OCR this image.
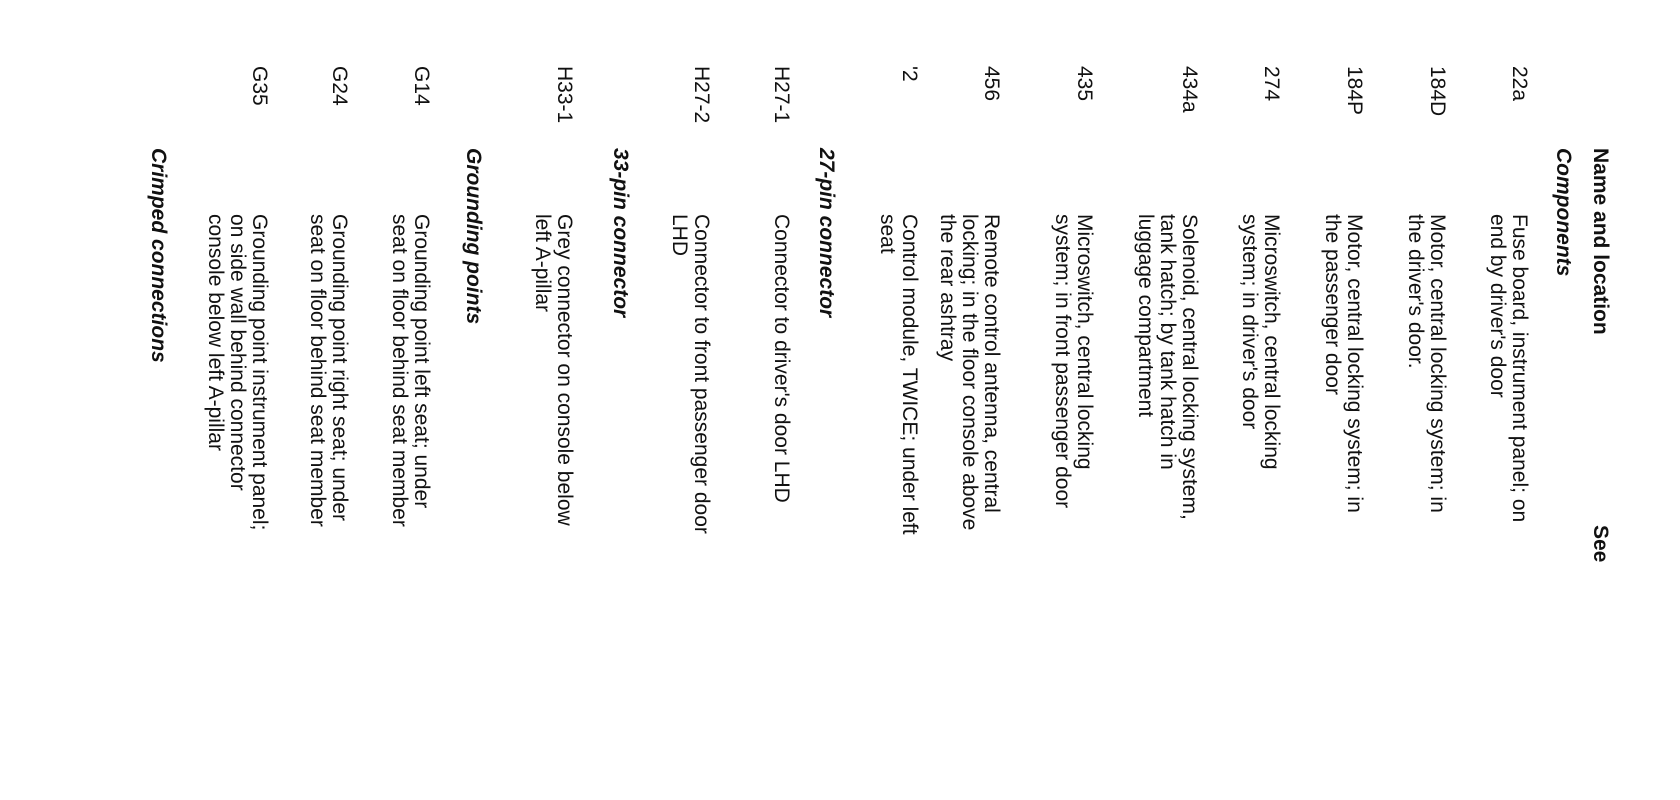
Name and location
See
Components
22a
Fuse board, instrument panel; on end by driver's door
184D
Motor, central locking system; in the driver's door.
184P
Motor, central locking system; in the passenger door
274
Microswitch, central locking system; in driver's door
434a
Solenoid, central locking system, tank hatch; by tank hatch in luggage compartment
435
Microswitch, central locking system; in front passenger door
456
Remote control antenna, central locking; in the floor console above the rear ashtray
'2
Control module, TWICE; under left seat
27-pin connector
H27-1
Connector to driver's door LHD
H27-2
Connector to front passenger door LHD
33-pin connector
H33-1
Grey connector on console below left A-pillar
Grounding points
G14
Grounding point left seat; under seat on floor behind seat member
G24
Grounding point right seat; under seat on floor behind seat member
G35
Grounding point instrument panel; on side wall behind connector console below left A-pillar
Crimped connections
